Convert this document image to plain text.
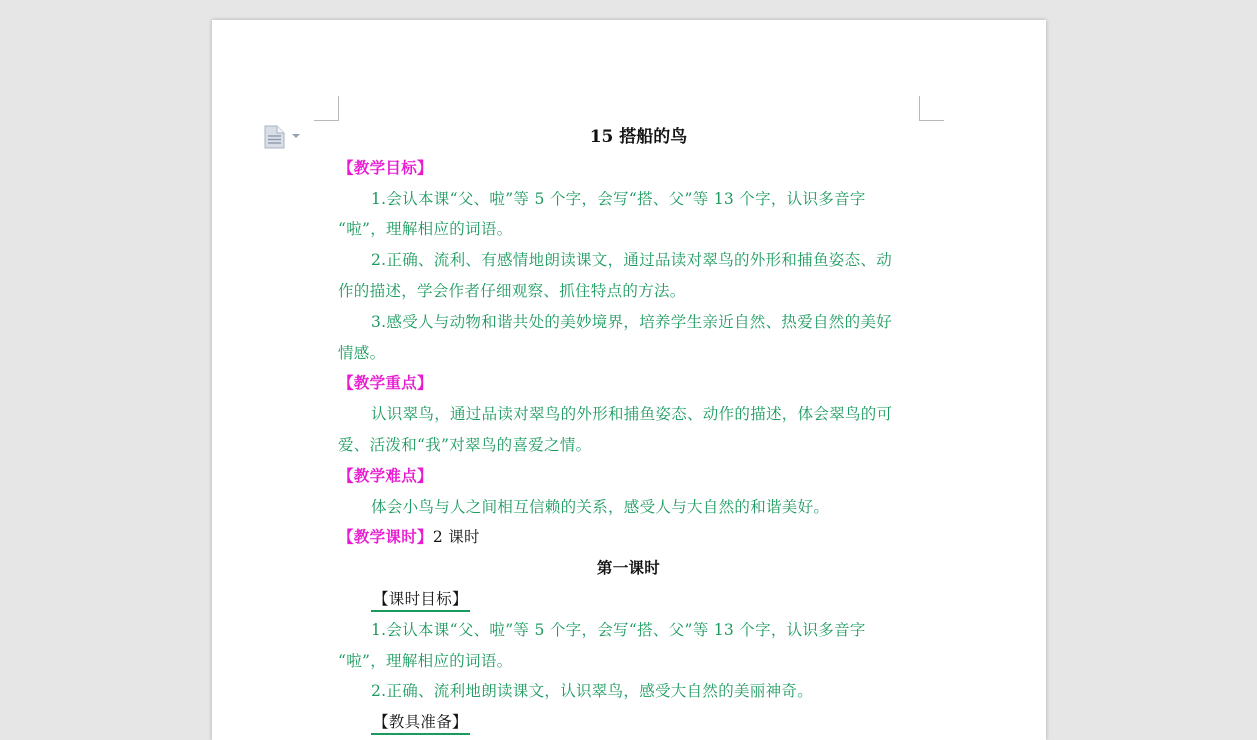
15 搭船的鸟
【教学目标】
1.会认本课“父、啦”等 5 个字，会写“搭、父”等 13 个字，认识多音字
“啦”，理解相应的词语。
2.正确、流利、有感情地朗读课文，通过品读对翠鸟的外形和捕鱼姿态、动
作的描述，学会作者仔细观察、抓住特点的方法。
3.感受人与动物和谐共处的美妙境界，培养学生亲近自然、热爱自然的美好
情感。
【教学重点】
认识翠鸟，通过品读对翠鸟的外形和捕鱼姿态、动作的描述，体会翠鸟的可
爱、活泼和“我”对翠鸟的喜爱之情。
【教学难点】
体会小鸟与人之间相互信赖的关系，感受人与大自然的和谐美好。
【教学课时】2 课时
第一课时
【课时目标】
1.会认本课“父、啦”等 5 个字，会写“搭、父”等 13 个字，认识多音字
“啦”，理解相应的词语。
2.正确、流利地朗读课文，认识翠鸟，感受大自然的美丽神奇。
【教具准备】
